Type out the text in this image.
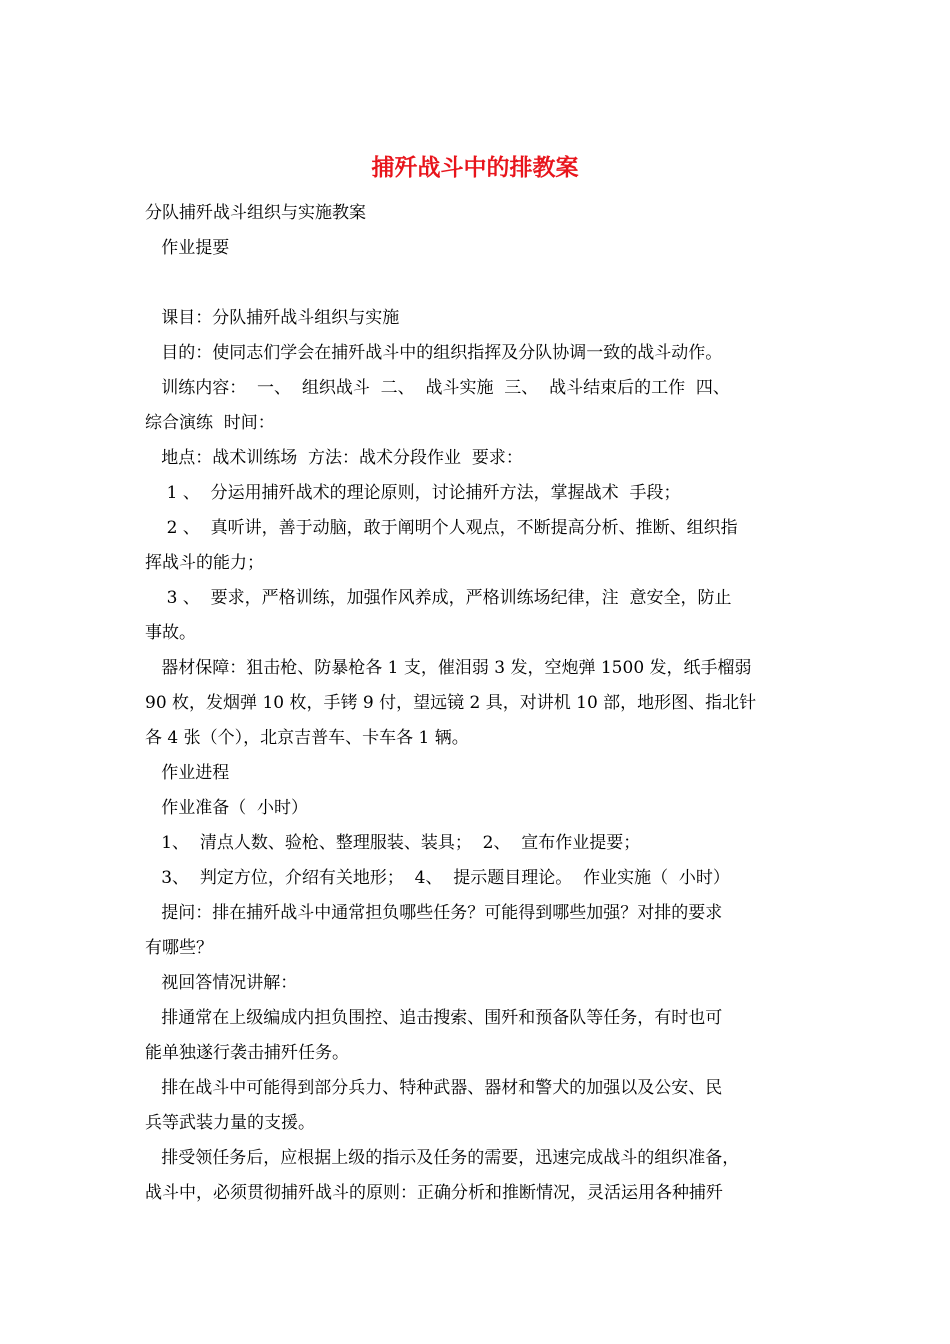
捕歼战斗中的排教案

分队捕歼战斗组织与实施教案

作业提要

课目：分队捕歼战斗组织与实施

目的：使同志们学会在捕歼战斗中的组织指挥及分队协调一致的战斗动作。

训练内容：  一、  组织战斗  二、  战斗实施  三、  战斗结束后的工作  四、

综合演练  时间：

地点：战术训练场  方法：战术分段作业  要求：

1 、  分运用捕歼战术的理论原则，讨论捕歼方法，掌握战术  手段；

2 、  真听讲，善于动脑，敢于阐明个人观点，不断提高分析、推断、组织指

挥战斗的能力；

3 、  要求，严格训练，加强作风养成，严格训练场纪律，注  意安全，防止

事故。

器材保障：狙击枪、防暴枪各 1 支，催泪弱 3 发，空炮弹 1500 发，纸手榴弱

90 枚，发烟弹 10 枚，手铐 9 付，望远镜 2 具，对讲机 10 部，地形图、指北针

各 4 张（个），北京吉普车、卡车各 1 辆。

作业进程

作业准备（  小时）

1、  清点人数、验枪、整理服装、装具；  2、  宣布作业提要；

3、  判定方位，介绍有关地形；  4、  提示题目理论。  作业实施（  小时）

提问：排在捕歼战斗中通常担负哪些任务？可能得到哪些加强？对排的要求

有哪些？

视回答情况讲解：

排通常在上级编成内担负围控、追击搜索、围歼和预备队等任务，有时也可

能单独遂行袭击捕歼任务。

排在战斗中可能得到部分兵力、特种武器、器材和警犬的加强以及公安、民

兵等武装力量的支援。

排受领任务后，应根据上级的指示及任务的需要，迅速完成战斗的组织准备，

战斗中，必须贯彻捕歼战斗的原则：正确分析和推断情况，灵活运用各种捕歼
